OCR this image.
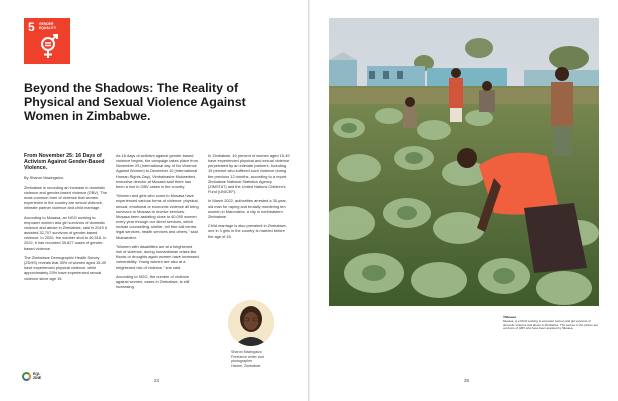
5 GENDER EQUALITY
Beyond the Shadows: The Reality of Physical and Sexual Violence Against Women in Zimbabwe.
From November 25: 16 Days of Activism Against Gender-Based Violence.

By Sharon Mazingaizo.

Zimbabwe is recording an increase in domestic violence and gender-based violence (GBV). The most common form of violence that women experience in the country are sexual violence, intimate partner violence and child marriage.

According to Musasa, an NGO working to empower women and girl survivors of domestic violence and abuse in Zimbabwe, said in 2019 it assisted 32,707 survivors of gender-based violence. In 2020, the number shot to 40,518. In 2022, it has recorded 39,827 cases of gender-based violence.

The Zimbabwe Demographic Health Survey (ZDHS) reveals that 35% of women aged 15-49 have experienced physical violence, while approximately 25% have experienced sexual violence since age 15.

As 16 days of activism against gender-based violence begins, the campaign takes place from November 25 (International day of No Violence Against Women) to December 10 (International Human Rights Day), Vimbainashe Mukwedeni, executive director at Musasa said there has been a rise in GBV cases in the country.

“Women and girls who come to Musasa have experienced various forms of violence: physical, sexual, emotional or economic violence all bring survivors to Musasa to receive services. Musasa been assisting close to 40,000 women every year through our direct services, which include counselling, shelter, toll free call centre, legal services, health services and others,” said Mukwedeni.

“Women with disabilities are at a heightened risk of violence, during humanitarian crises like floods or droughts again women have increased vulnerability. Young women are also at a heightened risk of violence,” she said.

According to NGO, the number of violence against women, cases in Zimbabwe, is still increasing.

In Zimbabwe, 40 percent of women aged 15-49 have experienced physical and sexual violence perpetrated by an intimate partners, including 19 percent who suffered such violence during the previous 12 months, according to a report Zimbabwe National Statistics Agency (ZIMSTAT) and the United Nations Children's Fund (UNICEF).

In March 2022, authorities arrested a 30-year-old man for raping and brutally murdering ten women in Marondera, a city in northeastern Zimbabwe.

Child marriage is also prevalent in Zimbabwe, one in 3 girls in the country is married before the age of 18.

Sharon Mazingaizo
Freelance writer and
photographer
Harare, Zimbabwe
EQL ZINE	24
©Musasa
Musasa, is a NGO working to empower women and girl survivors of domestic violence and abuse in Zimbabwe. The women in the picture are survivors of GBV who have been assisted by Musasa.
25
